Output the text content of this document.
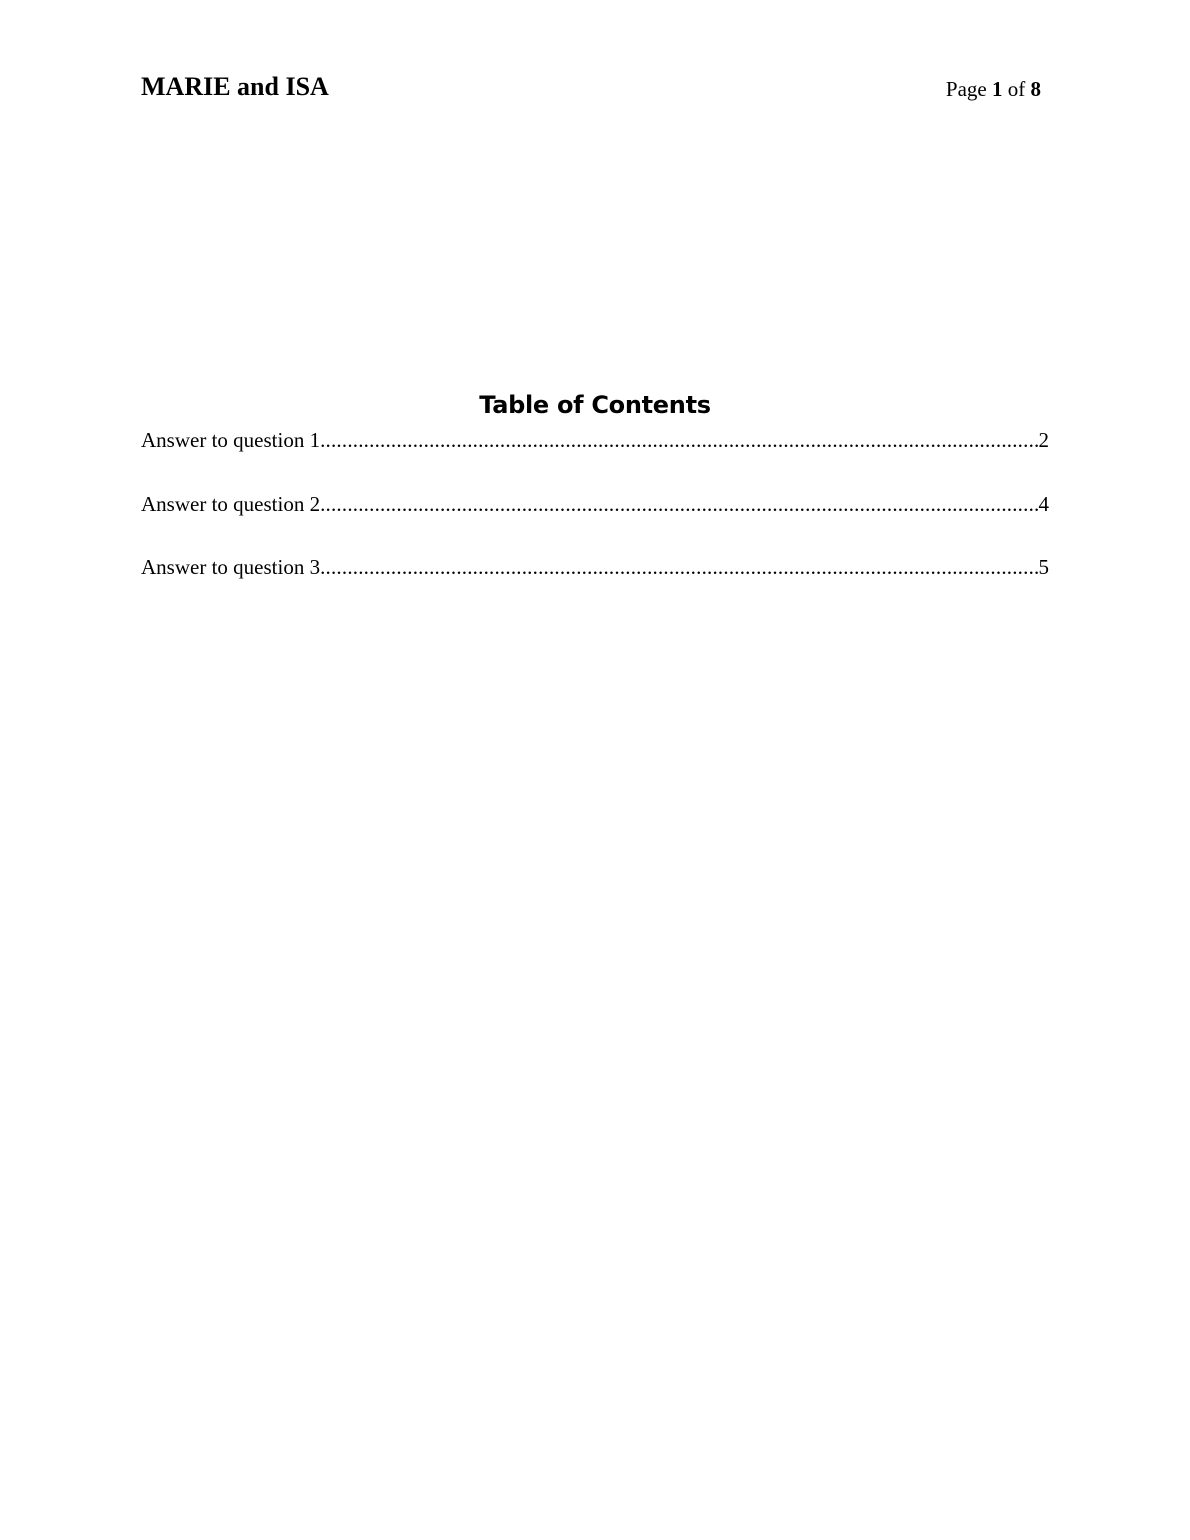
MARIE and ISA	Page 1 of 8
Table of Contents
Answer to question 1 .....	2
Answer to question 2 .....	4
Answer to question 3 .....	5
